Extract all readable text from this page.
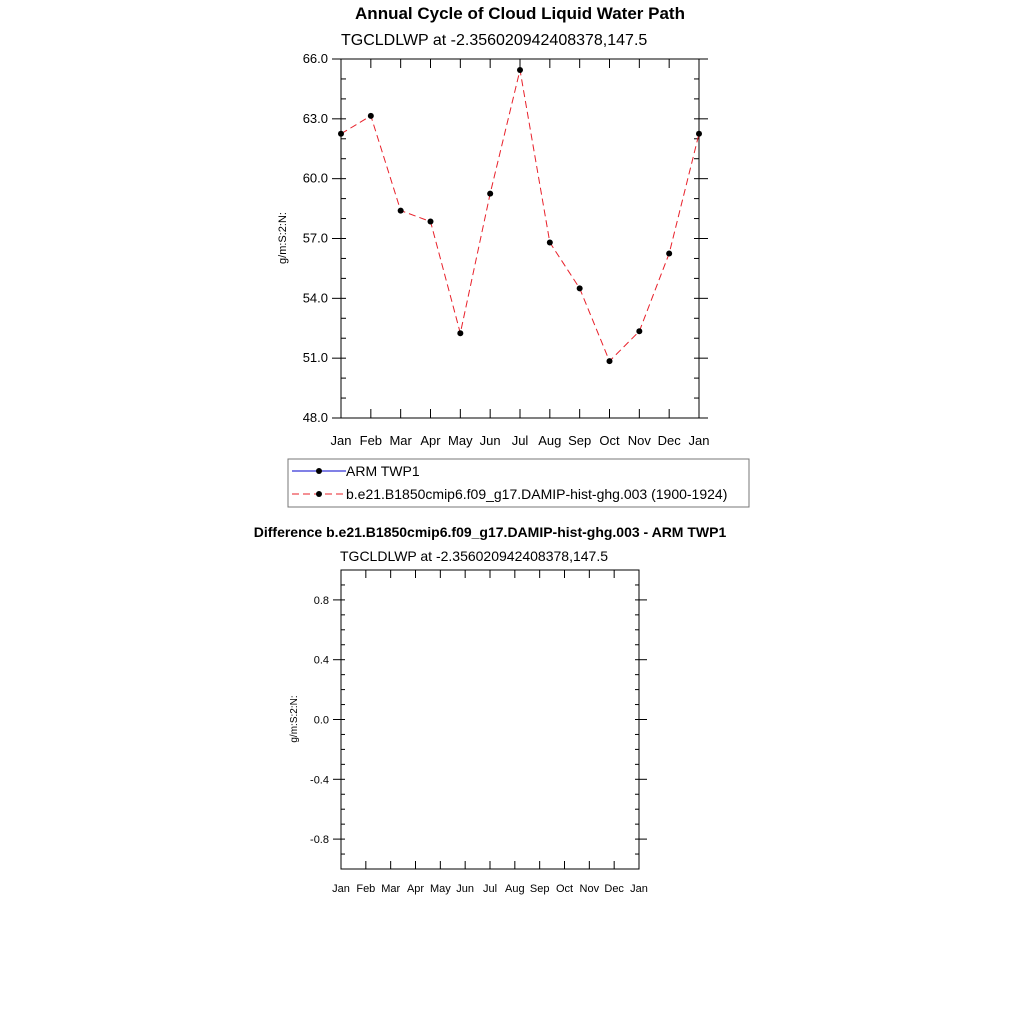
Annual Cycle of Cloud Liquid Water Path
TGCLDLWP at -2.356020942408378,147.5
Jan Feb Mar Apr May Jun Jul Aug Sep Oct Nov Dec Jan
48.0
51.0
54.0
57.0
60.0
63.0
66.0
g/m:S:2:N:
ARM TWP1
b.e21.B1850cmip6.f09_g17.DAMIP-hist-ghg.003 (1900-1924)
Difference b.e21.B1850cmip6.f09_g17.DAMIP-hist-ghg.003 - ARM TWP1
TGCLDLWP at -2.356020942408378,147.5
Jan Feb Mar Apr May Jun Jul Aug Sep Oct Nov Dec Jan
-0.8
-0.4
0.0
0.4
0.8
g/m:S:2:N:
